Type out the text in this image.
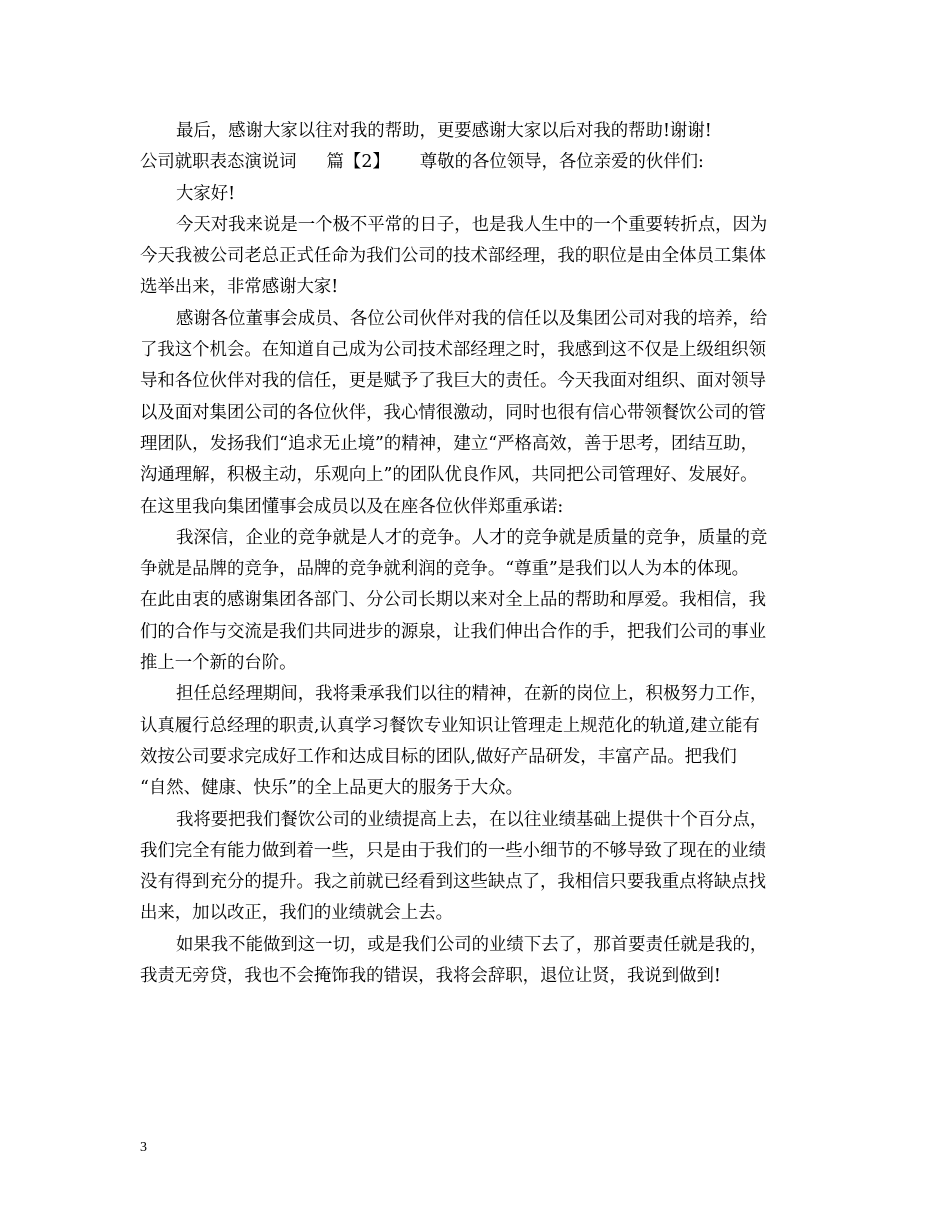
最后，感谢大家以往对我的帮助，更要感谢大家以后对我的帮助!谢谢!

公司就职表态演说词 篇【2】 尊敬的各位领导，各位亲爱的伙伴们:

大家好!

今天对我来说是一个极不平常的日子，也是我人生中的一个重要转折点，因为

今天我被公司老总正式任命为我们公司的技术部经理，我的职位是由全体员工集体

选举出来，非常感谢大家!

感谢各位董事会成员、各位公司伙伴对我的信任以及集团公司对我的培养，给

了我这个机会。在知道自己成为公司技术部经理之时，我感到这不仅是上级组织领

导和各位伙伴对我的信任，更是赋予了我巨大的责任。今天我面对组织、面对领导

以及面对集团公司的各位伙伴，我心情很激动，同时也很有信心带领餐饮公司的管

理团队，发扬我们“追求无止境”的精神，建立“严格高效，善于思考，团结互助，

沟通理解，积极主动，乐观向上”的团队优良作风，共同把公司管理好、发展好。

在这里我向集团懂事会成员以及在座各位伙伴郑重承诺:

我深信，企业的竞争就是人才的竞争。人才的竞争就是质量的竞争，质量的竞

争就是品牌的竞争，品牌的竞争就利润的竞争。“尊重”是我们以人为本的体现。

在此由衷的感谢集团各部门、分公司长期以来对全上品的帮助和厚爱。我相信，我

们的合作与交流是我们共同进步的源泉，让我们伸出合作的手，把我们公司的事业

推上一个新的台阶。

担任总经理期间，我将秉承我们以往的精神，在新的岗位上，积极努力工作，

认真履行总经理的职责,认真学习餐饮专业知识让管理走上规范化的轨道,建立能有

效按公司要求完成好工作和达成目标的团队,做好产品研发，丰富产品。把我们

“自然、健康、快乐”的全上品更大的服务于大众。

我将要把我们餐饮公司的业绩提高上去，在以往业绩基础上提供十个百分点，

我们完全有能力做到着一些，只是由于我们的一些小细节的不够导致了现在的业绩

没有得到充分的提升。我之前就已经看到这些缺点了，我相信只要我重点将缺点找

出来，加以改正，我们的业绩就会上去。

如果我不能做到这一切，或是我们公司的业绩下去了，那首要责任就是我的，

我责无旁贷，我也不会掩饰我的错误，我将会辞职，退位让贤，我说到做到!

3
